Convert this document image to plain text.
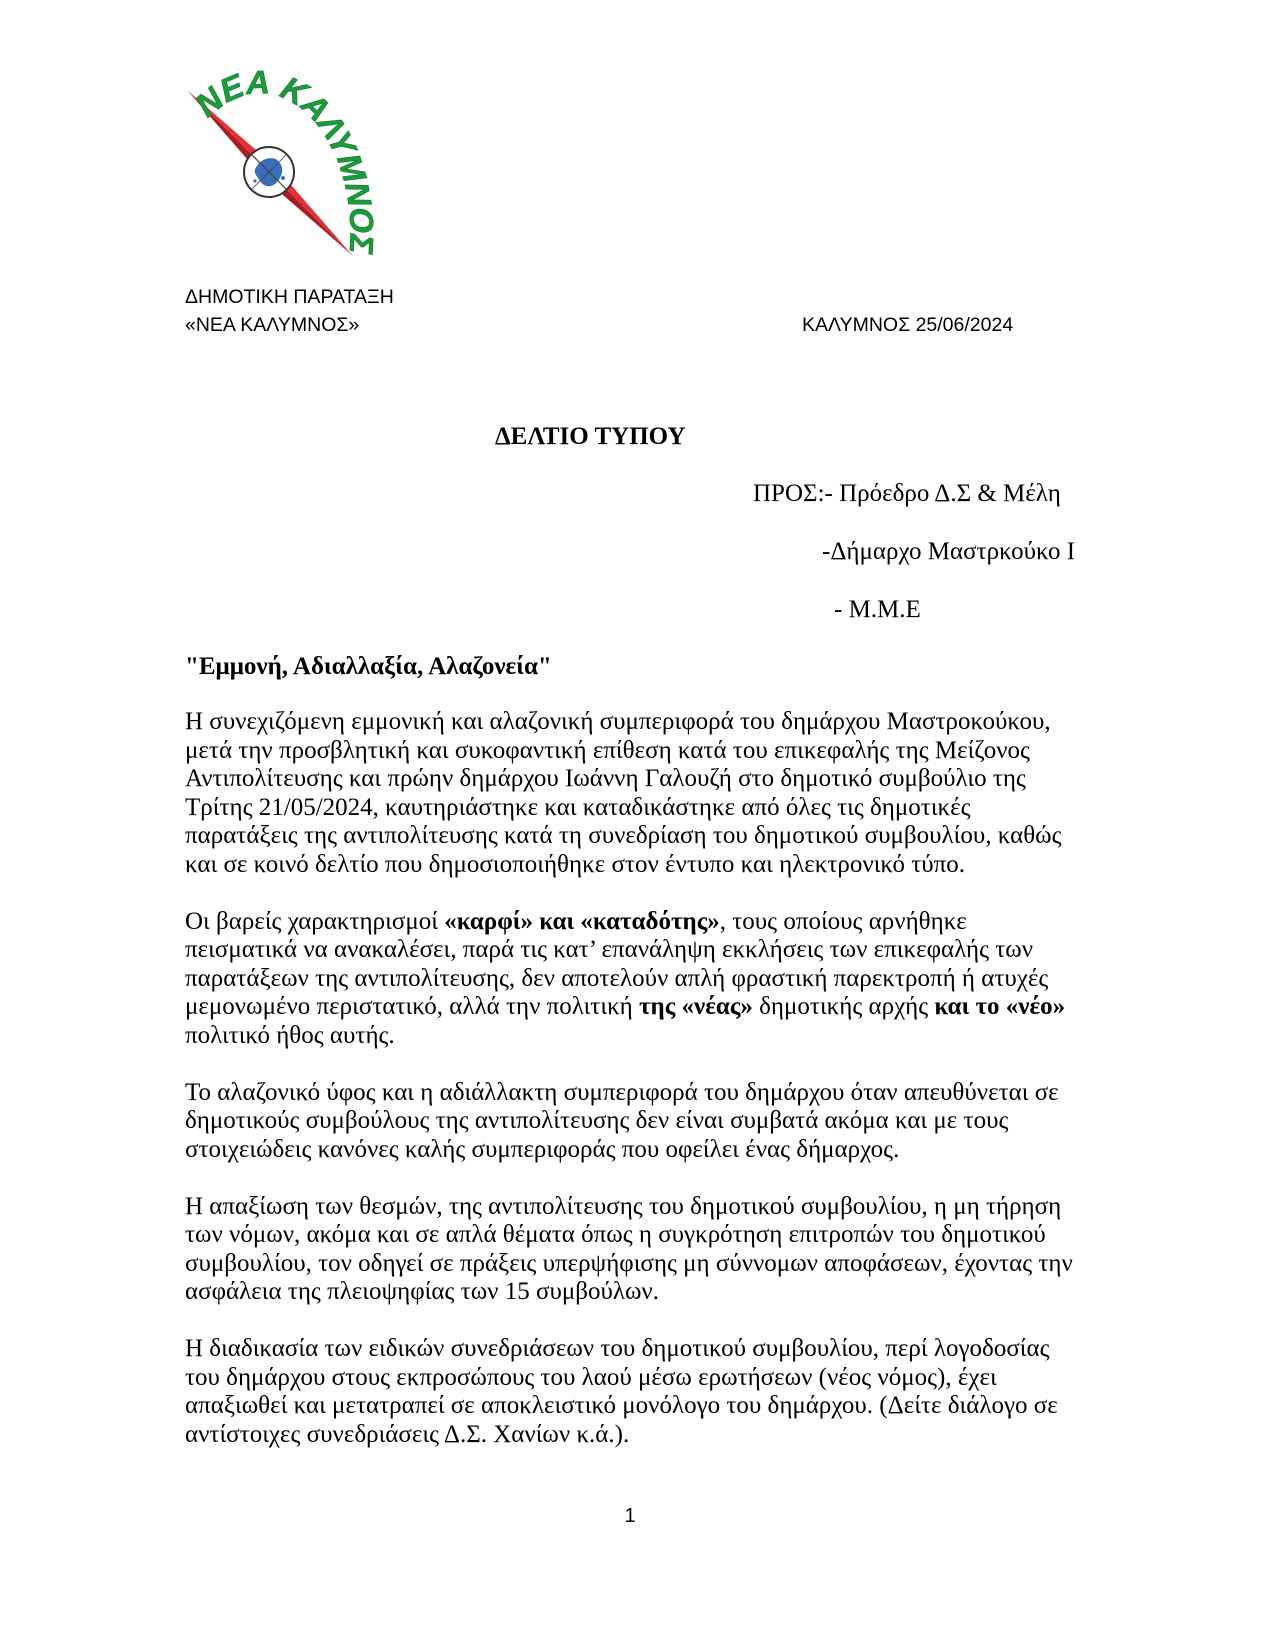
ΝΕΑ ΚΑΛΥΜΝΟΣ
ΔΗΜΟΤΙΚΗ ΠΑΡΑΤΑΞΗ
«ΝΕΑ ΚΑΛΥΜΝΟΣ»	ΚΑΛΥΜΝΟΣ 25/06/2024
ΔΕΛΤΙΟ ΤΥΠΟΥ
ΠΡΟΣ:- Πρόεδρο Δ.Σ & Μέλη
-Δήμαρχο Μαστρκούκο Ι
- Μ.Μ.Ε
"Εμμονή, Αδιαλλαξία, Αλαζονεία"
Η συνεχιζόμενη εμμονική και αλαζονική συμπεριφορά του δημάρχου Μαστροκούκου,
μετά την προσβλητική και συκοφαντική επίθεση κατά του επικεφαλής της Μείζονος
Αντιπολίτευσης και πρώην δημάρχου Ιωάννη Γαλουζή στο δημοτικό συμβούλιο της
Τρίτης 21/05/2024, καυτηριάστηκε και καταδικάστηκε από όλες τις δημοτικές
παρατάξεις της αντιπολίτευσης κατά τη συνεδρίαση του δημοτικού συμβουλίου, καθώς
και σε κοινό δελτίο που δημοσιοποιήθηκε στον έντυπο και ηλεκτρονικό τύπο.
Οι βαρείς χαρακτηρισμοί «καρφί» και «καταδότης», τους οποίους αρνήθηκε
πεισματικά να ανακαλέσει, παρά τις κατ’ επανάληψη εκκλήσεις των επικεφαλής των
παρατάξεων της αντιπολίτευσης, δεν αποτελούν απλή φραστική παρεκτροπή ή ατυχές
μεμονωμένο περιστατικό, αλλά την πολιτική της «νέας» δημοτικής αρχής και το «νέο»
πολιτικό ήθος αυτής.
Το αλαζονικό ύφος και η αδιάλλακτη συμπεριφορά του δημάρχου όταν απευθύνεται σε
δημοτικούς συμβούλους της αντιπολίτευσης δεν είναι συμβατά ακόμα και με τους
στοιχειώδεις κανόνες καλής συμπεριφοράς που οφείλει ένας δήμαρχος.
Η απαξίωση των θεσμών, της αντιπολίτευσης του δημοτικού συμβουλίου, η μη τήρηση
των νόμων, ακόμα και σε απλά θέματα όπως η συγκρότηση επιτροπών του δημοτικού
συμβουλίου, τον οδηγεί σε πράξεις υπερψήφισης μη σύννομων αποφάσεων, έχοντας την
ασφάλεια της πλειοψηφίας των 15 συμβούλων.
Η διαδικασία των ειδικών συνεδριάσεων του δημοτικού συμβουλίου, περί λογοδοσίας
του δημάρχου στους εκπροσώπους του λαού μέσω ερωτήσεων (νέος νόμος), έχει
απαξιωθεί και μετατραπεί σε αποκλειστικό μονόλογο του δημάρχου. (Δείτε διάλογο σε
αντίστοιχες συνεδριάσεις Δ.Σ. Χανίων κ.ά.).
1
